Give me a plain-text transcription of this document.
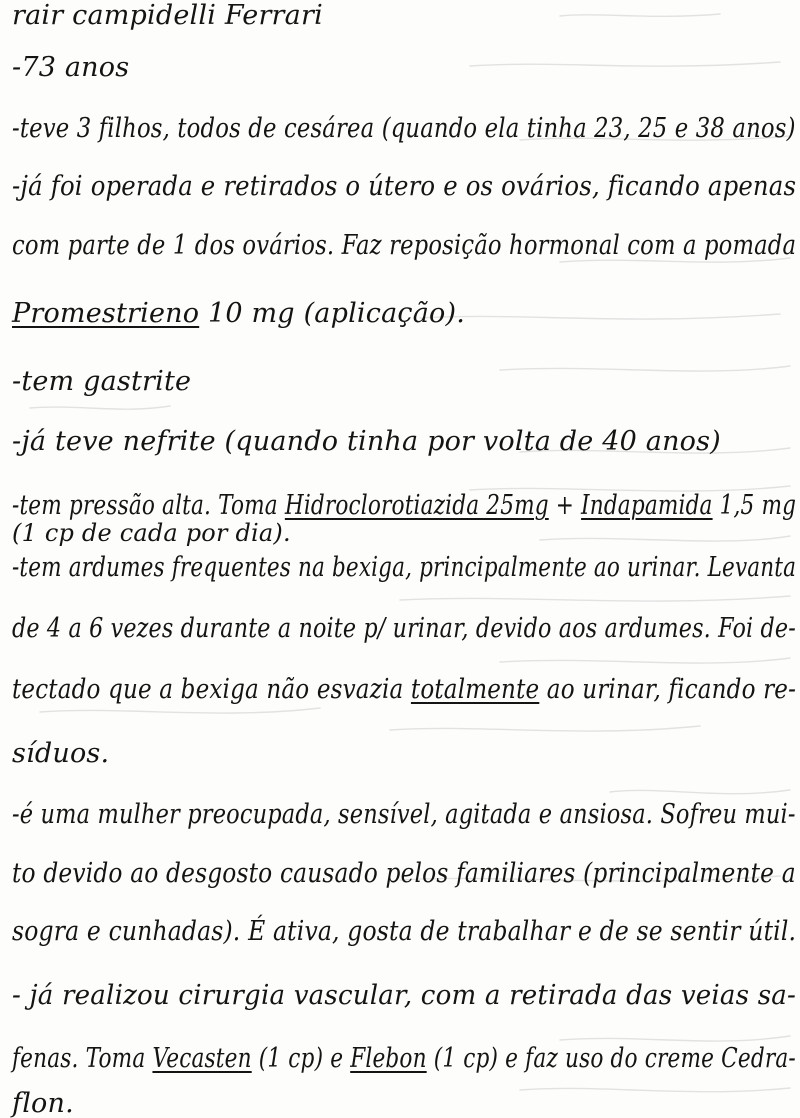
rair campidelli Ferrari
-73 anos
-teve 3 filhos, todos de cesárea (quando ela tinha 23, 25 e 38 anos)
-já foi operada e retirados o útero e os ovários, ficando apenas
com parte de 1 dos ovários. Faz reposição hormonal com a pomada
Promestrieno 10 mg (aplicação).
-tem gastrite
-já teve nefrite (quando tinha por volta de 40 anos)
-tem pressão alta. Toma Hidroclorotiazida 25mg + Indapamida 1,5 mg
(1 cp de cada por dia).
-tem ardumes frequentes na bexiga, principalmente ao urinar. Levanta
de 4 a 6 vezes durante a noite p/ urinar, devido aos ardumes. Foi de-
tectado que a bexiga não esvazia totalmente ao urinar, ficando re-
síduos.
-é uma mulher preocupada, sensível, agitada e ansiosa. Sofreu mui-
to devido ao desgosto causado pelos familiares (principalmente a
sogra e cunhadas). É ativa, gosta de trabalhar e de se sentir útil.
- já realizou cirurgia vascular, com a retirada das veias sa-
fenas. Toma Vecasten (1 cp) e Flebon (1 cp) e faz uso do creme Cedra-
flon.
